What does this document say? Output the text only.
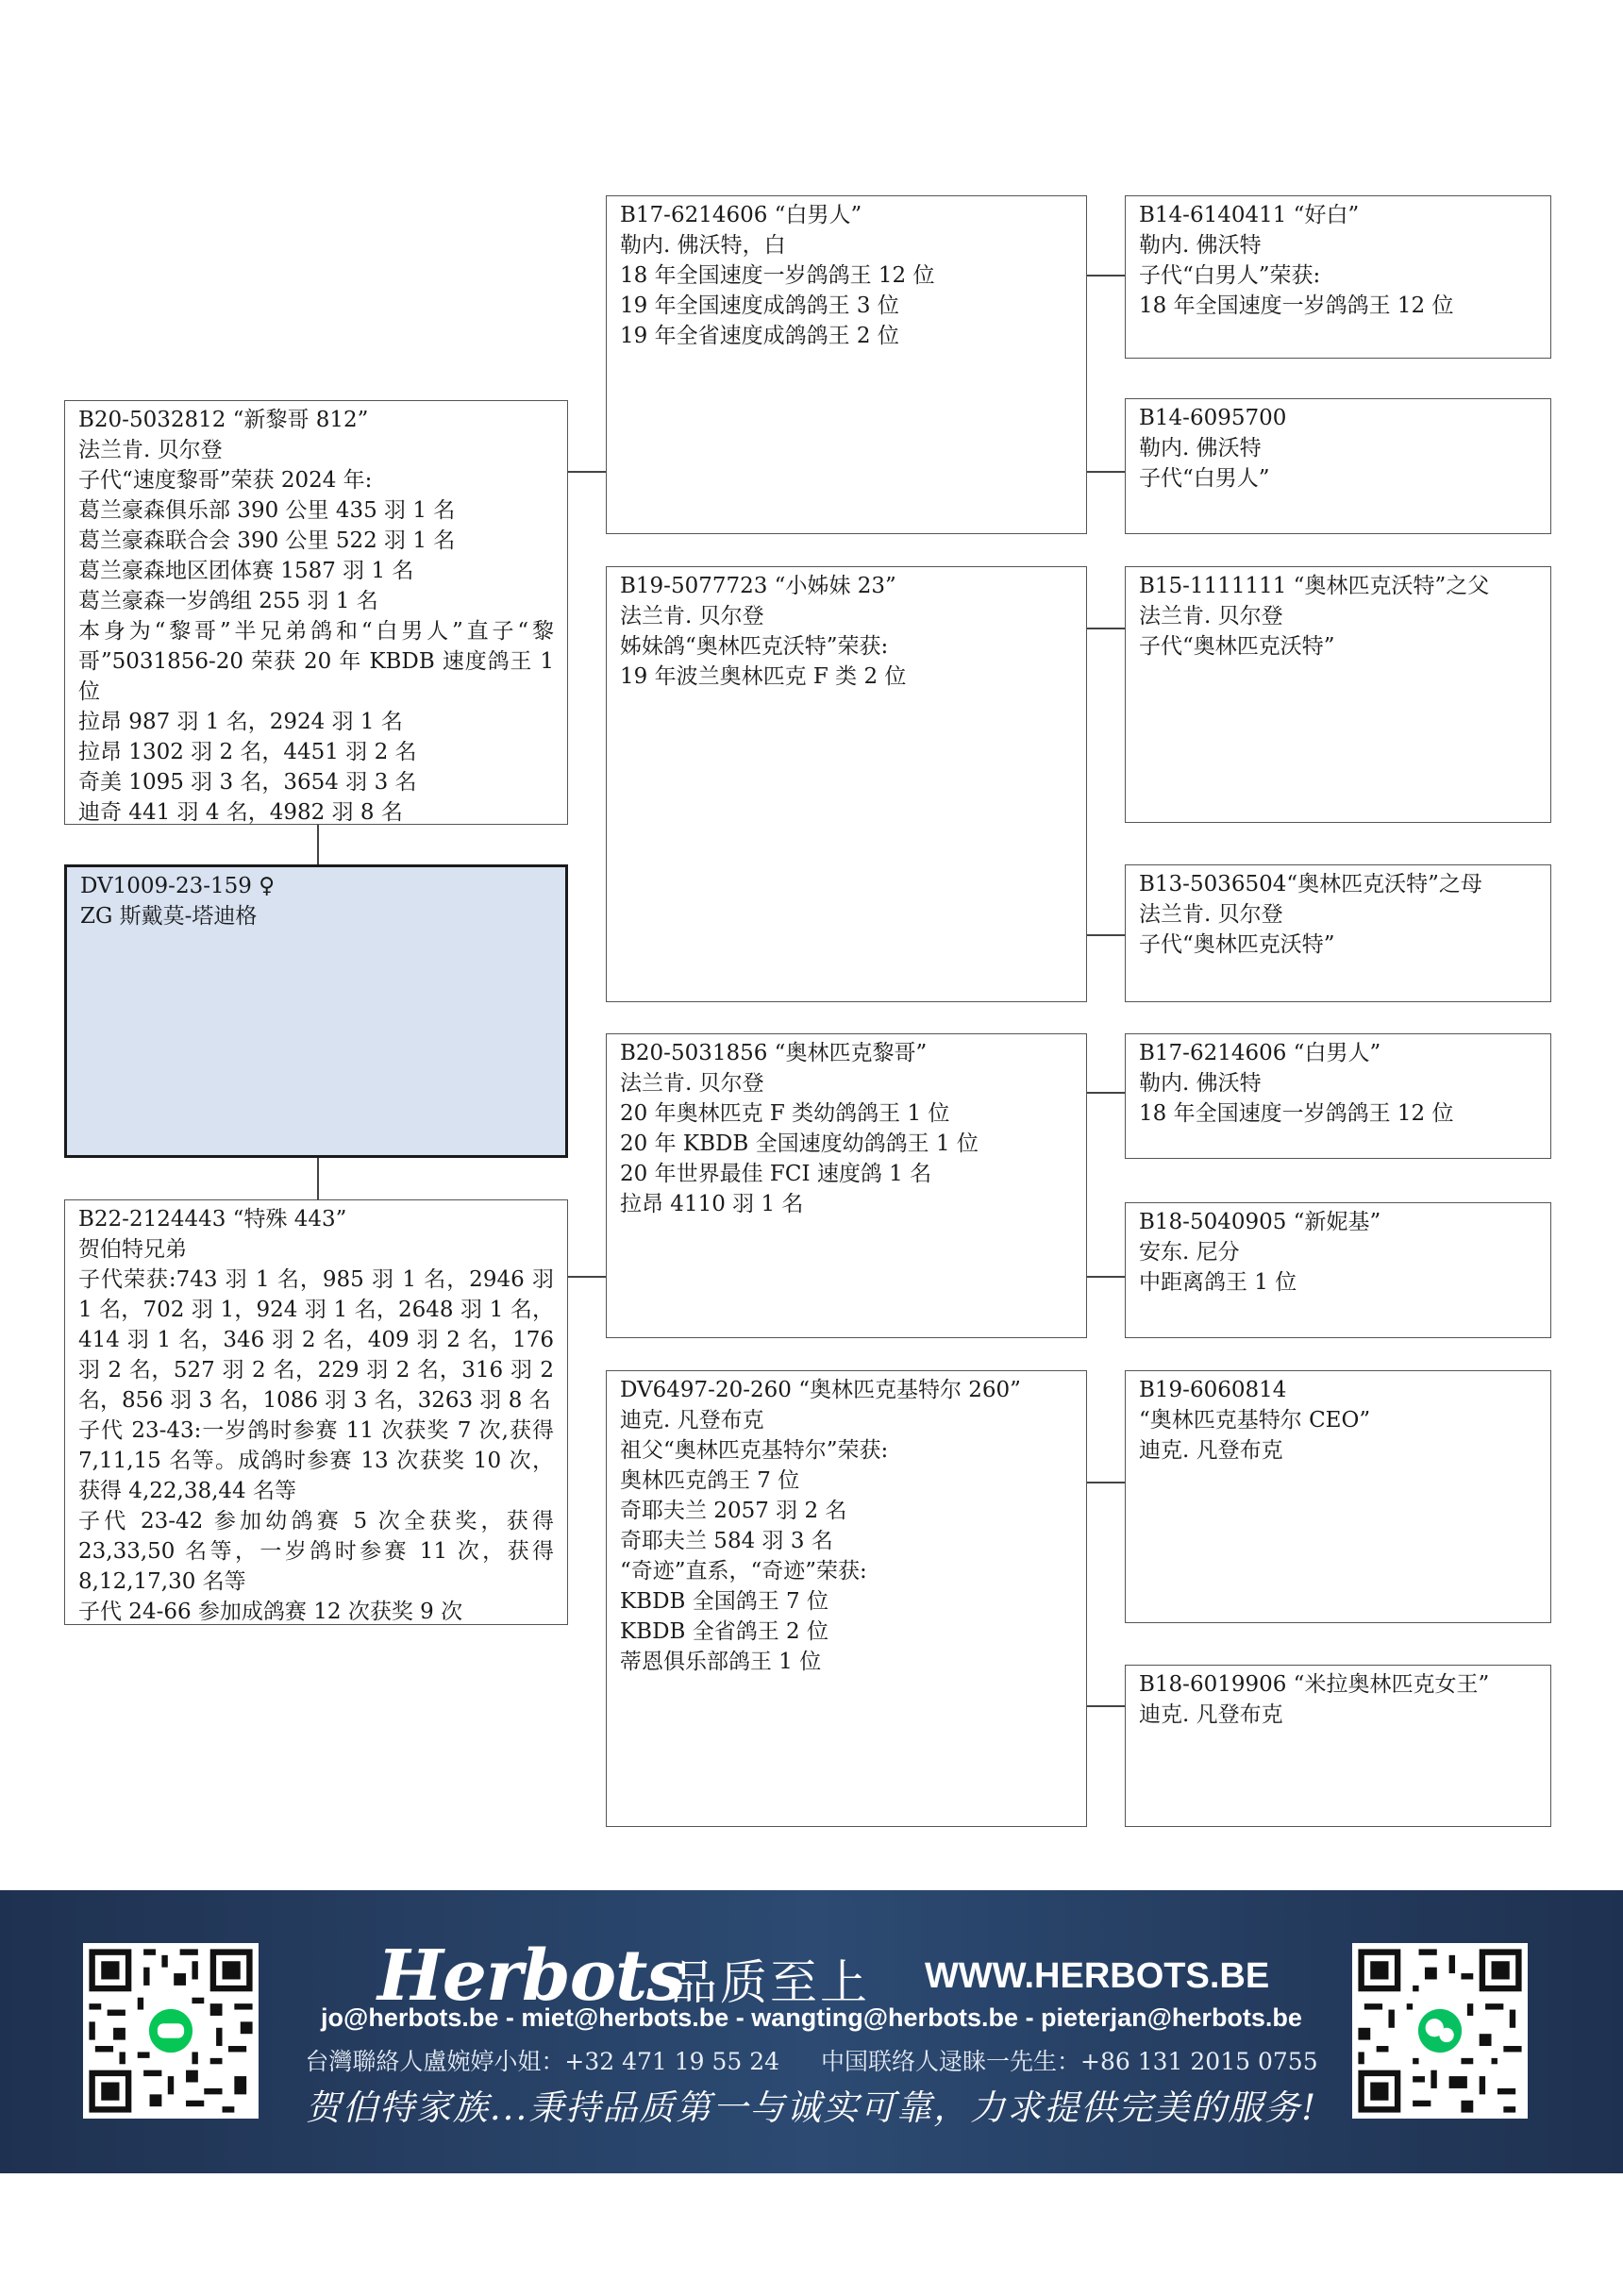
B20-5032812 “新黎哥 812”
法兰肯. 贝尔登
子代“速度黎哥”荣获 2024 年:
葛兰豪森俱乐部 390 公里 435 羽 1 名
葛兰豪森联合会 390 公里 522 羽 1 名
葛兰豪森地区团体赛 1587 羽 1 名
葛兰豪森一岁鸽组 255 羽 1 名
本身为“黎哥”半兄弟鸽和“白男人”直子“黎哥”5031856-20 荣获 20 年 KBDB 速度鸽王 1 位
拉昂 987 羽 1 名，2924 羽 1 名
拉昂 1302 羽 2 名，4451 羽 2 名
奇美 1095 羽 3 名，3654 羽 3 名
迪奇 441 羽 4 名，4982 羽 8 名
DV1009-23-159 ♀
ZG 斯戴莫-塔迪格
B22-2124443 “特殊 443”
贺伯特兄弟
子代荣获:743 羽 1 名，985 羽 1 名，2946 羽 1 名，702 羽 1，924 羽 1 名，2648 羽 1 名，414 羽 1 名，346 羽 2 名，409 羽 2 名，176 羽 2 名，527 羽 2 名，229 羽 2 名，316 羽 2 名，856 羽 3 名，1086 羽 3 名，3263 羽 8 名
子代 23-43:一岁鸽时参赛 11 次获奖 7 次,获得 7,11,15 名等。成鸽时参赛 13 次获奖 10 次，获得 4,22,38,44 名等
子代 23-42 参加幼鸽赛 5 次全获奖，获得 23,33,50 名等，一岁鸽时参赛 11 次，获得 8,12,17,30 名等
子代 24-66 参加成鸽赛 12 次获奖 9 次
B17-6214606 “白男人”
勒内. 佛沃特，白
18 年全国速度一岁鸽鸽王 12 位
19 年全国速度成鸽鸽王 3 位
19 年全省速度成鸽鸽王 2 位
B19-5077723 “小姊妹 23”
法兰肯. 贝尔登
姊妹鸽“奥林匹克沃特”荣获:
19 年波兰奥林匹克 F 类 2 位
B20-5031856 “奥林匹克黎哥”
法兰肯. 贝尔登
20 年奥林匹克 F 类幼鸽鸽王 1 位
20 年 KBDB 全国速度幼鸽鸽王 1 位
20 年世界最佳 FCI 速度鸽 1 名
拉昂 4110 羽 1 名
DV6497-20-260 “奥林匹克基特尔 260”
迪克. 凡登布克
祖父“奥林匹克基特尔”荣获:
奥林匹克鸽王 7 位
奇耶夫兰 2057 羽 2 名
奇耶夫兰 584 羽 3 名
“奇迹”直系，“奇迹”荣获:
KBDB 全国鸽王 7 位
KBDB 全省鸽王 2 位
蒂恩俱乐部鸽王 1 位
B14-6140411 “好白”
勒内. 佛沃特
子代“白男人”荣获:
18 年全国速度一岁鸽鸽王 12 位
B14-6095700
勒内. 佛沃特
子代“白男人”
B15-1111111 “奥林匹克沃特”之父
法兰肯. 贝尔登
子代“奥林匹克沃特”
B13-5036504“奥林匹克沃特”之母
法兰肯. 贝尔登
子代“奥林匹克沃特”
B17-6214606 “白男人”
勒内. 佛沃特
18 年全国速度一岁鸽鸽王 12 位
B18-5040905 “新妮基”
安东. 尼分
中距离鸽王 1 位
B19-6060814
“奥林匹克基特尔 CEO”
迪克. 凡登布克
B18-6019906 “米拉奥林匹克女王”
迪克. 凡登布克
Herbots
品质至上 WWW.HERBOTS.BE
jo@herbots.be - miet@herbots.be - wangting@herbots.be - pieterjan@herbots.be
台灣聯絡人盧婉婷小姐：+32 471 19 55 24 中国联络人逯睐一先生：+86 131 2015 0755
贺伯特家族...秉持品质第一与诚实可靠，力求提供完美的服务!
